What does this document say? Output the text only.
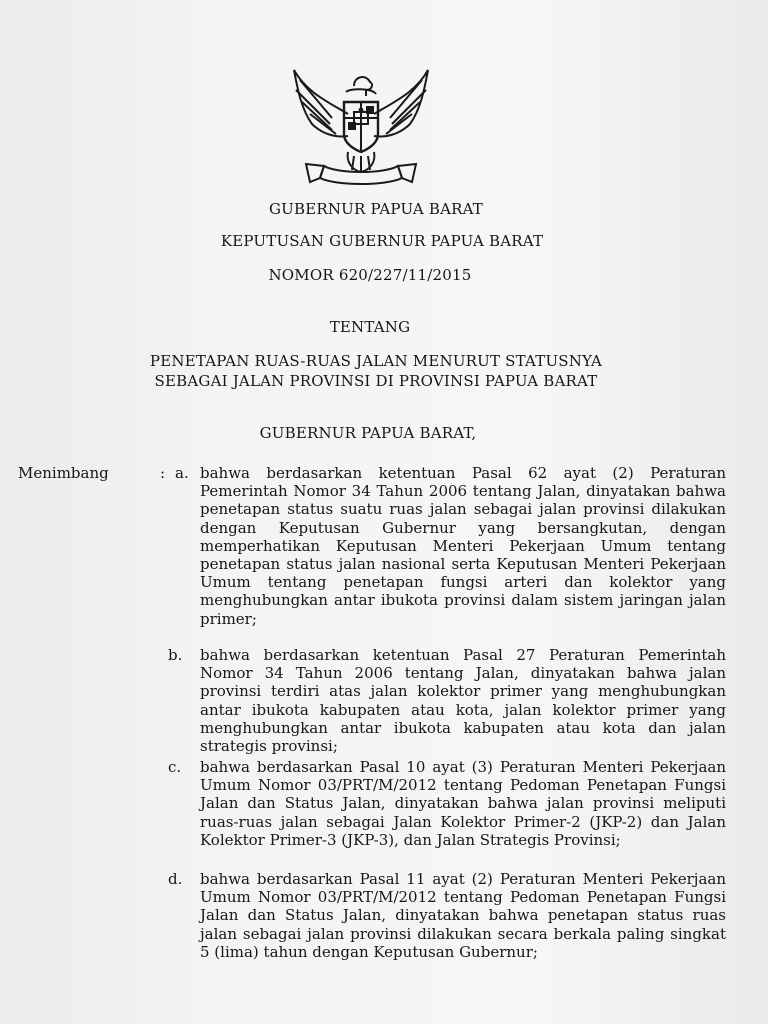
GUBERNUR PAPUA BARAT
KEPUTUSAN GUBERNUR PAPUA BARAT
NOMOR 620/227/11/2015
TENTANG
PENETAPAN RUAS-RUAS JALAN MENURUT STATUSNYA
SEBAGAI JALAN PROVINSI DI PROVINSI PAPUA BARAT
GUBERNUR PAPUA BARAT,
Menimbang	: a. bahwa berdasarkan ketentuan Pasal 62 ayat (2) Peraturan Pemerintah Nomor 34 Tahun 2006 tentang Jalan, dinyatakan bahwa penetapan status suatu ruas jalan sebagai jalan provinsi dilakukan dengan Keputusan Gubernur yang bersangkutan, dengan memperhatikan Keputusan Menteri Pekerjaan Umum tentang penetapan status jalan nasional serta Keputusan Menteri Pekerjaan Umum tentang penetapan fungsi arteri dan kolektor yang menghubungkan antar ibukota provinsi dalam sistem jaringan jalan primer;
b. bahwa berdasarkan ketentuan Pasal 27 Peraturan Pemerintah Nomor 34 Tahun 2006 tentang Jalan, dinyatakan bahwa jalan provinsi terdiri atas jalan kolektor primer yang menghubungkan antar ibukota kabupaten atau kota, jalan kolektor primer yang menghubungkan antar ibukota kabupaten atau kota dan jalan strategis provinsi;
c. bahwa berdasarkan Pasal 10 ayat (3) Peraturan Menteri Pekerjaan Umum Nomor 03/PRT/M/2012 tentang Pedoman Penetapan Fungsi Jalan dan Status Jalan, dinyatakan bahwa jalan provinsi meliputi ruas-ruas jalan sebagai Jalan Kolektor Primer-2 (JKP-2) dan Jalan Kolektor Primer-3 (JKP-3), dan Jalan Strategis Provinsi;
d. bahwa berdasarkan Pasal 11 ayat (2) Peraturan Menteri Pekerjaan Umum Nomor 03/PRT/M/2012 tentang Pedoman Penetapan Fungsi Jalan dan Status Jalan, dinyatakan bahwa penetapan status ruas jalan sebagai jalan provinsi dilakukan secara berkala paling singkat 5 (lima) tahun dengan Keputusan Gubernur;
